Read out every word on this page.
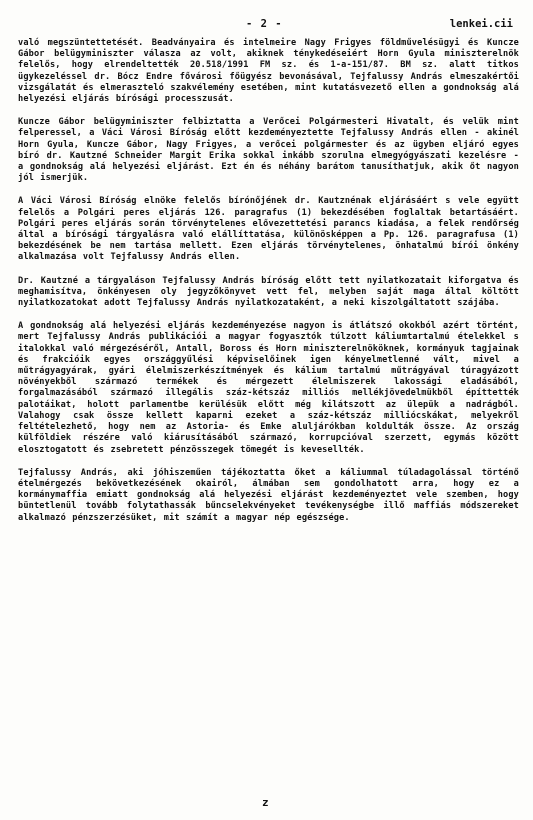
- 2 -	lenkei.cii

való megszüntettetését. Beadványaira és intelmeire Nagy Frigyes földművelésügyi és Kuncze Gábor belügyminiszter válasza az volt, akiknek ténykedéseiért Horn Gyula miniszterelnök felelős, hogy elrendeltették 20.518/1991 FM sz. és 1-a-151/87. BM sz. alatt titkos ügykezeléssel dr. Bócz Endre fővárosi főügyész bevonásával, Tejfalussy András elmeszakértői vizsgálatát és elmeraszteló szakvélemény esetében, mint kutatásvezető ellen a gondnokság alá helyezési eljárás bírósági processzusát.

Kuncze Gábor belügyminiszter felbiztatta a Verőcei Polgármesteri Hivatalt, és velük mint felperessel, a Váci Városi Bíróság előtt kezdeményeztette Tejfalussy András ellen - akinél Horn Gyula, Kuncze Gábor, Nagy Frigyes, a verőcei polgármester és az ügyben eljáró egyes bíró dr. Kautzné Schneider Margit Erika sokkal inkább szorulna elmegyógyászati kezelésre - a gondnokság alá helyezési eljárást. Ezt én és néhány barátom tanusíthatjuk, akik őt nagyon jól ismerjük.

A Váci Városi Bíróság elnöke felelős bírónőjének dr. Kautznénak eljárásáért s vele együtt felelős a Polgári peres eljárás 126. paragrafus (1) bekezdésében foglaltak betartásáért. Polgári peres eljárás során törvénytelenes elővezettetési parancs kiadása, a felek rendőrség által a bírósági tárgyalásra való elállíttatása, különösképpen a Pp. 126. paragrafusa (1) bekezdésének be nem tartása mellett. Ezen eljárás törvénytelenes, önhatalmú bírói önkény alkalmazása volt Tejfalussy András ellen.

Dr. Kautzné a tárgyaláson Tejfalussy András bíróság előtt tett nyilatkozatait kiforgatva és meghamisítva, önkényesen oly jegyzőkönyvet vett fel, melyben saját maga által költött nyilatkozatokat adott Tejfalussy András nyilatkozataként, a neki kiszolgáltatott szájába.

A gondnokság alá helyezési eljárás kezdeményezése nagyon is átlátszó okokból azért történt, mert Tejfalussy András publikációi a magyar fogyasztók túlzott káliumtartalmú ételekkel s italokkal való mérgezéséről, Antall, Boross és Horn miniszterelnököknek, kormányuk tagjainak és frakcióik egyes országgyűlési képviselőinek igen kényelmetlenné vált, mivel a műtrágyagyárak, gyári élelmiszerkészítmények és kálium tartalmú műtrágyával túragyázott növényekből származó termékek és mérgezett élelmiszerek lakossági eladásából, forgalmazásából származó illegális száz-kétszáz milliós mellékjövedelmükből építtették palotáikat, holott parlamentbe kerülésük előtt még kilátszott az ülepük a nadrágból. Valahogy csak össze kellett kaparni ezeket a száz-kétszáz milliócskákat, melyekről feltételezhető, hogy nem az Astoria- és Emke aluljárókban koldulták össze. Az ország külföldiek részére való kiárusításából származó, korrupcióval szerzett, egymás között elosztogatott és zsebretett pénzösszegek tömegét is kevesellték.

Tejfalussy András, aki jóhiszeműen tájékoztatta őket a káliummal túladagolással történő ételmérgezés bekövetkezésének okairól, álmában sem gondolhatott arra, hogy ez a kormánymaffia emiatt gondnokság alá helyezési eljárást kezdeményeztet vele szemben, hogy büntetlenül tovább folytathassák bűncselekvényeket tevékenységbe illő maffiás módszereket alkalmazó pénzszerzésüket, mit számít a magyar nép egészsége.

z
